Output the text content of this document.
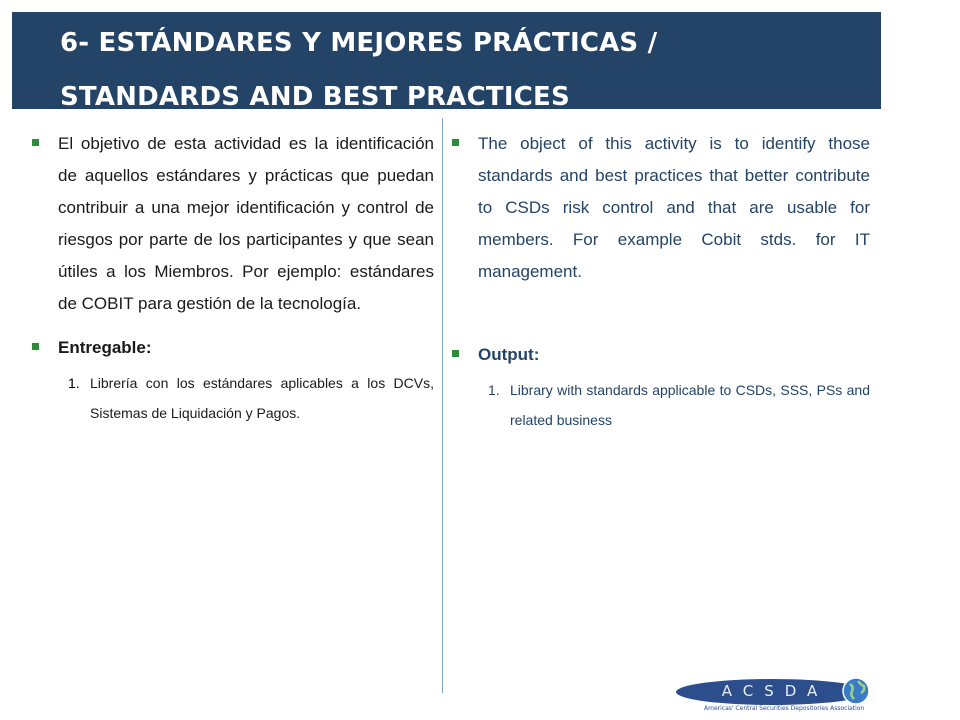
6- ESTÁNDARES Y MEJORES PRÁCTICAS /
STANDARDS AND BEST PRACTICES
El objetivo de esta actividad es la identificación de aquellos estándares y prácticas que puedan contribuir a una mejor identificación y control de riesgos por parte de los participantes y que sean útiles a los Miembros. Por ejemplo: estándares de COBIT para gestión de la tecnología.
Entregable:
1. Librería con los estándares aplicables a los DCVs, Sistemas de Liquidación y Pagos.
The object of this activity is to identify those standards and best practices that better contribute to CSDs risk control and that are usable for members. For example Cobit stds. for IT management.
Output:
1. Library with standards applicable to CSDs, SSS, PSs and related business
ACSDA
Americas' Central Securities Depositories Association
